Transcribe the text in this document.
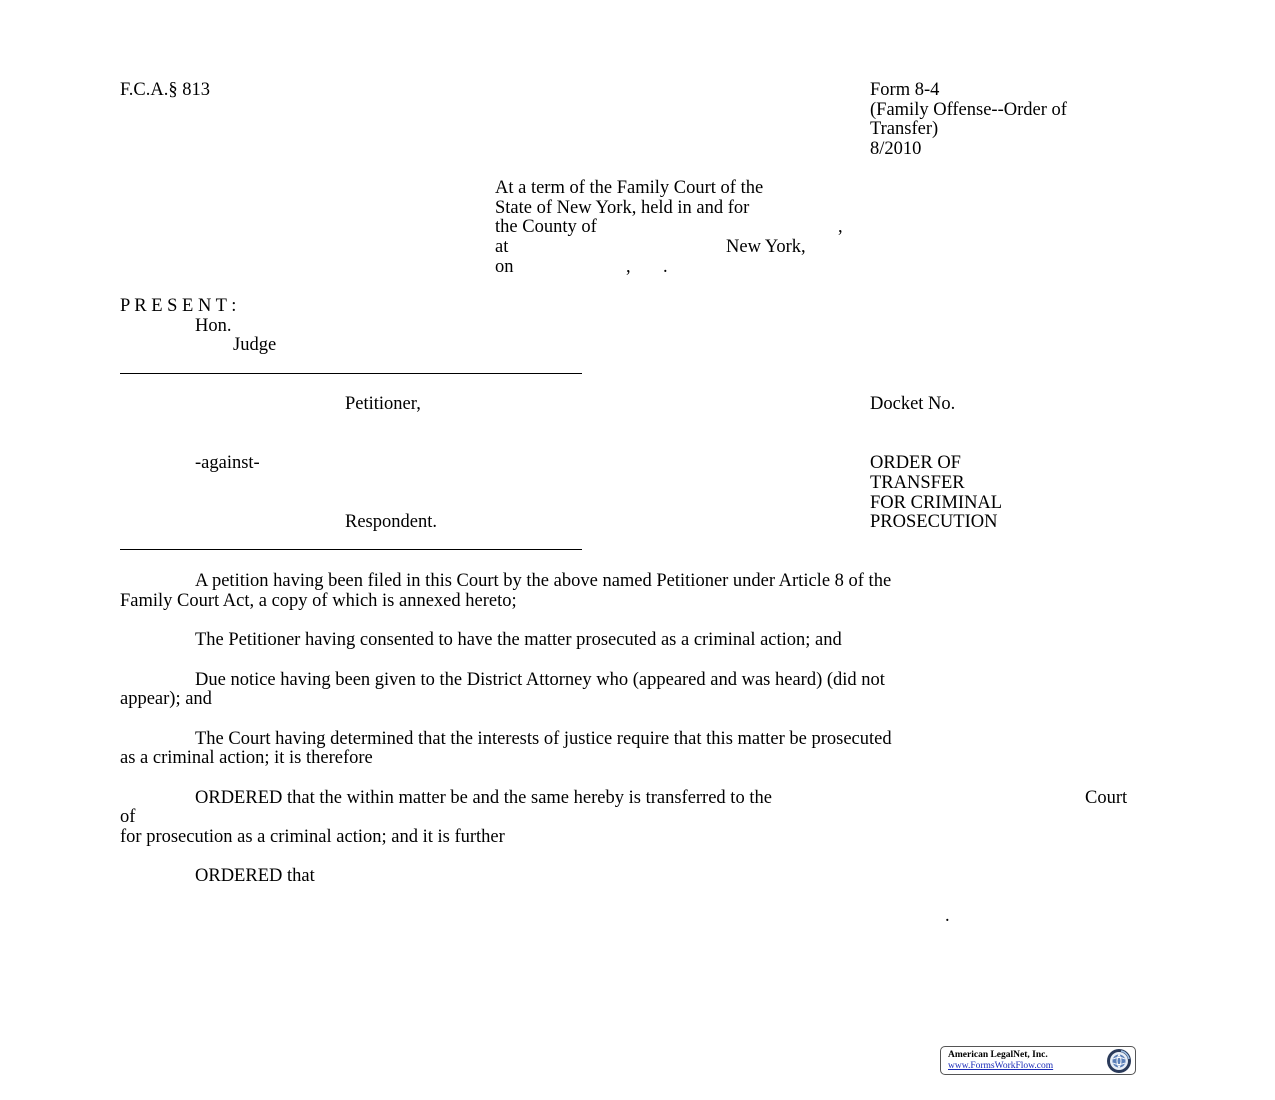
F.C.A.§ 813	Form 8-4
(Family Offense--Order of
Transfer)
8/2010
At a term of the Family Court of the
State of New York, held in and for
the County of	,
at	New York,
on	, .
P R E S E N T :
Hon.
Judge
Petitioner,	Docket No.
-against-	ORDER OF
TRANSFER
FOR CRIMINAL
PROSECUTION
Respondent.
A petition having been filed in this Court by the above named Petitioner under Article 8 of the
Family Court Act, a copy of which is annexed hereto;
The Petitioner having consented to have the matter prosecuted as a criminal action; and
Due notice having been given to the District Attorney who (appeared and was heard) (did not
appear); and
The Court having determined that the interests of justice require that this matter be prosecuted
as a criminal action; it is therefore
ORDERED that the within matter be and the same hereby is transferred to the	Court
of
for prosecution as a criminal action; and it is further
ORDERED that
.
American LegalNet, Inc.
www.FormsWorkFlow.com
